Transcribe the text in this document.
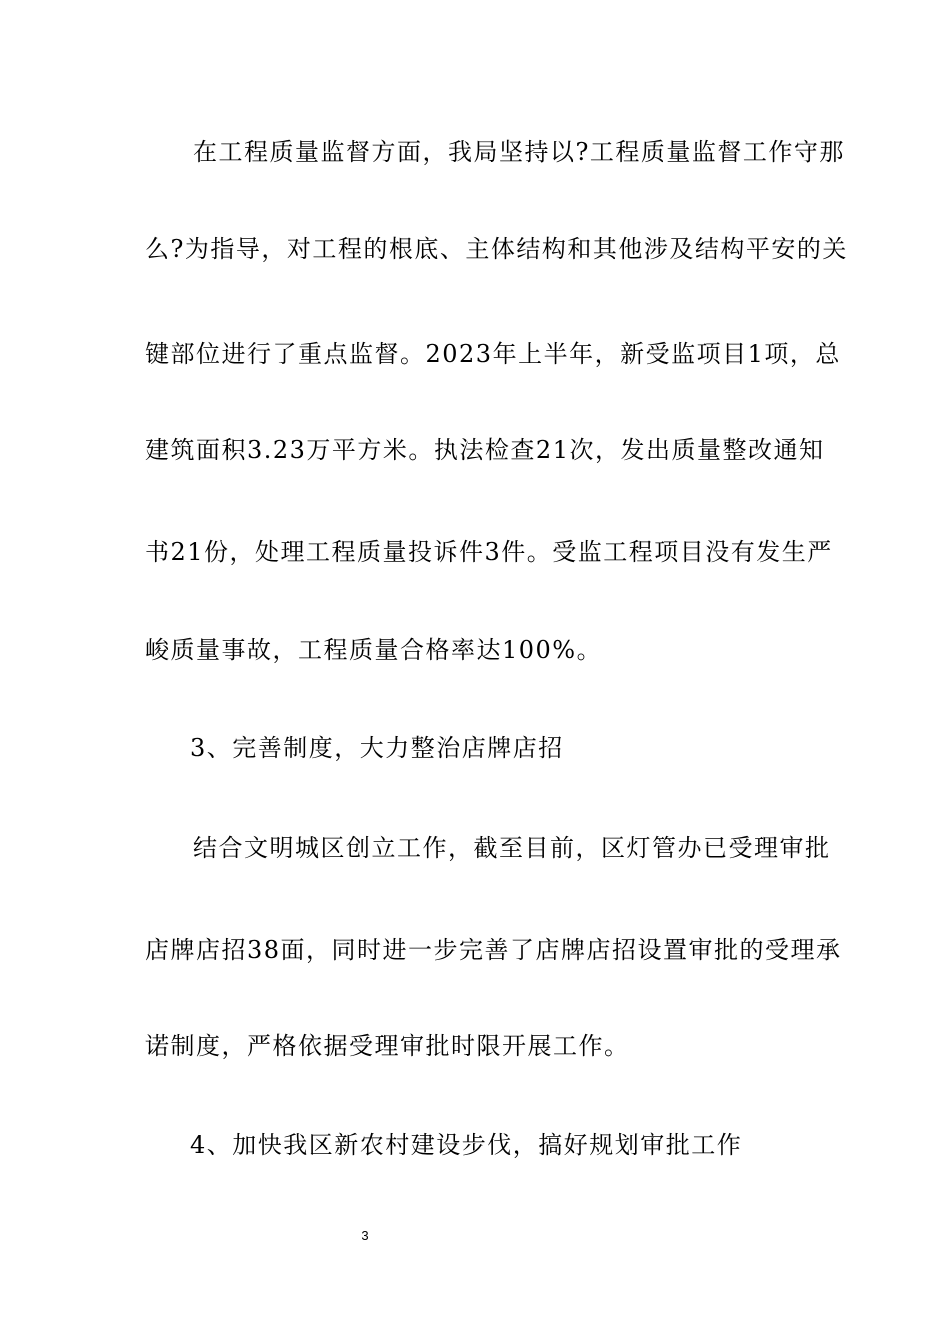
在工程质量监督方面，我局坚持以?工程质量监督工作守那
么?为指导，对工程的根底、主体结构和其他涉及结构平安的关
键部位进行了重点监督。2023年上半年，新受监项目1项，总
建筑面积3.23万平方米。执法检查21次，发出质量整改通知
书21份，处理工程质量投诉件3件。受监工程项目没有发生严
峻质量事故，工程质量合格率达100%。
3、完善制度，大力整治店牌店招
结合文明城区创立工作，截至目前，区灯管办已受理审批
店牌店招38面，同时进一步完善了店牌店招设置审批的受理承
诺制度，严格依据受理审批时限开展工作。
4、加快我区新农村建设步伐，搞好规划审批工作
3
